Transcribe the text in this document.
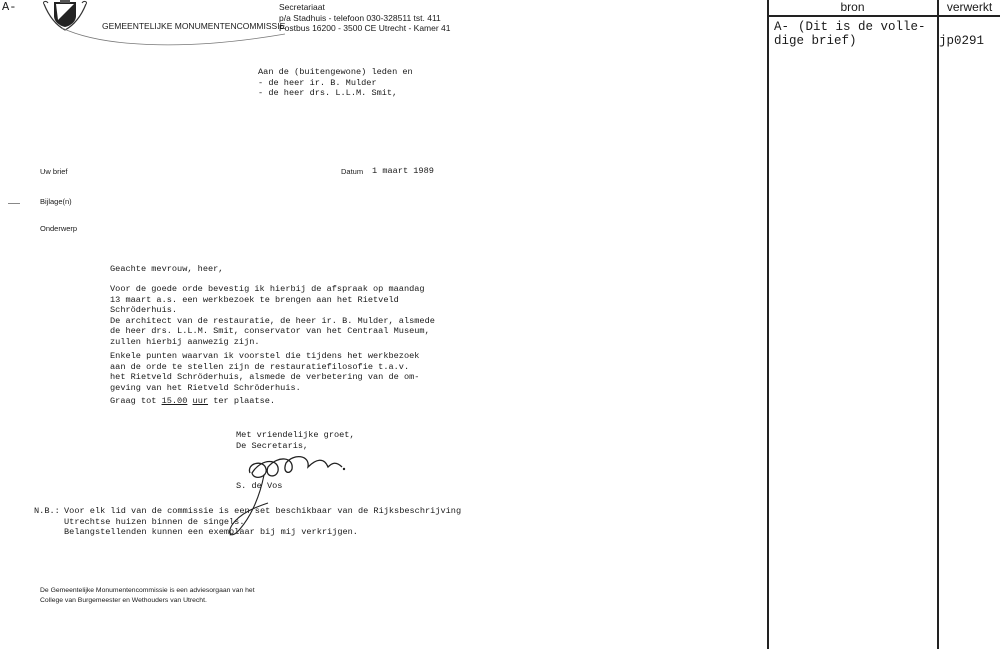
A-
GEMEENTELIJKE MONUMENTENCOMMISSIE
Secretariaat
p/a Stadhuis - telefoon 030-328511 tst. 411
Postbus 16200 - 3500 CE Utrecht - Kamer 41
Aan de (buitengewone) leden en
- de heer ir. B. Mulder
- de heer drs. L.L.M. Smit,
Uw brief
Bijlage(n)
Onderwerp
Datum 1 maart 1989
Geachte mevrouw, heer,
Voor de goede orde bevestig ik hierbij de afspraak op maandag
13 maart a.s. een werkbezoek te brengen aan het Rietveld
Schröderhuis.
De architect van de restauratie, de heer ir. B. Mulder, alsmede
de heer drs. L.L.M. Smit, conservator van het Centraal Museum,
zullen hierbij aanwezig zijn.
Enkele punten waarvan ik voorstel die tijdens het werkbezoek
aan de orde te stellen zijn de restauratiefilosofie t.a.v.
het Rietveld Schröderhuis, alsmede de verbetering van de om-
geving van het Rietveld Schröderhuis.
Graag tot 15.00 uur ter plaatse.
Met vriendelijke groet,
De Secretaris,
S. de Vos
N.B.: Voor elk lid van de commissie is een set beschikbaar van de Rijksbeschrijving
Utrechtse huizen binnen de singels.
Belangstellenden kunnen een exemplaar bij mij verkrijgen.
De Gemeentelijke Monumentencommissie is een adviesorgaan van het
College van Burgemeester en Wethouders van Utrecht.
bron	verwerkt
A- (Dit is de volle-
dige brief)	jp0291
